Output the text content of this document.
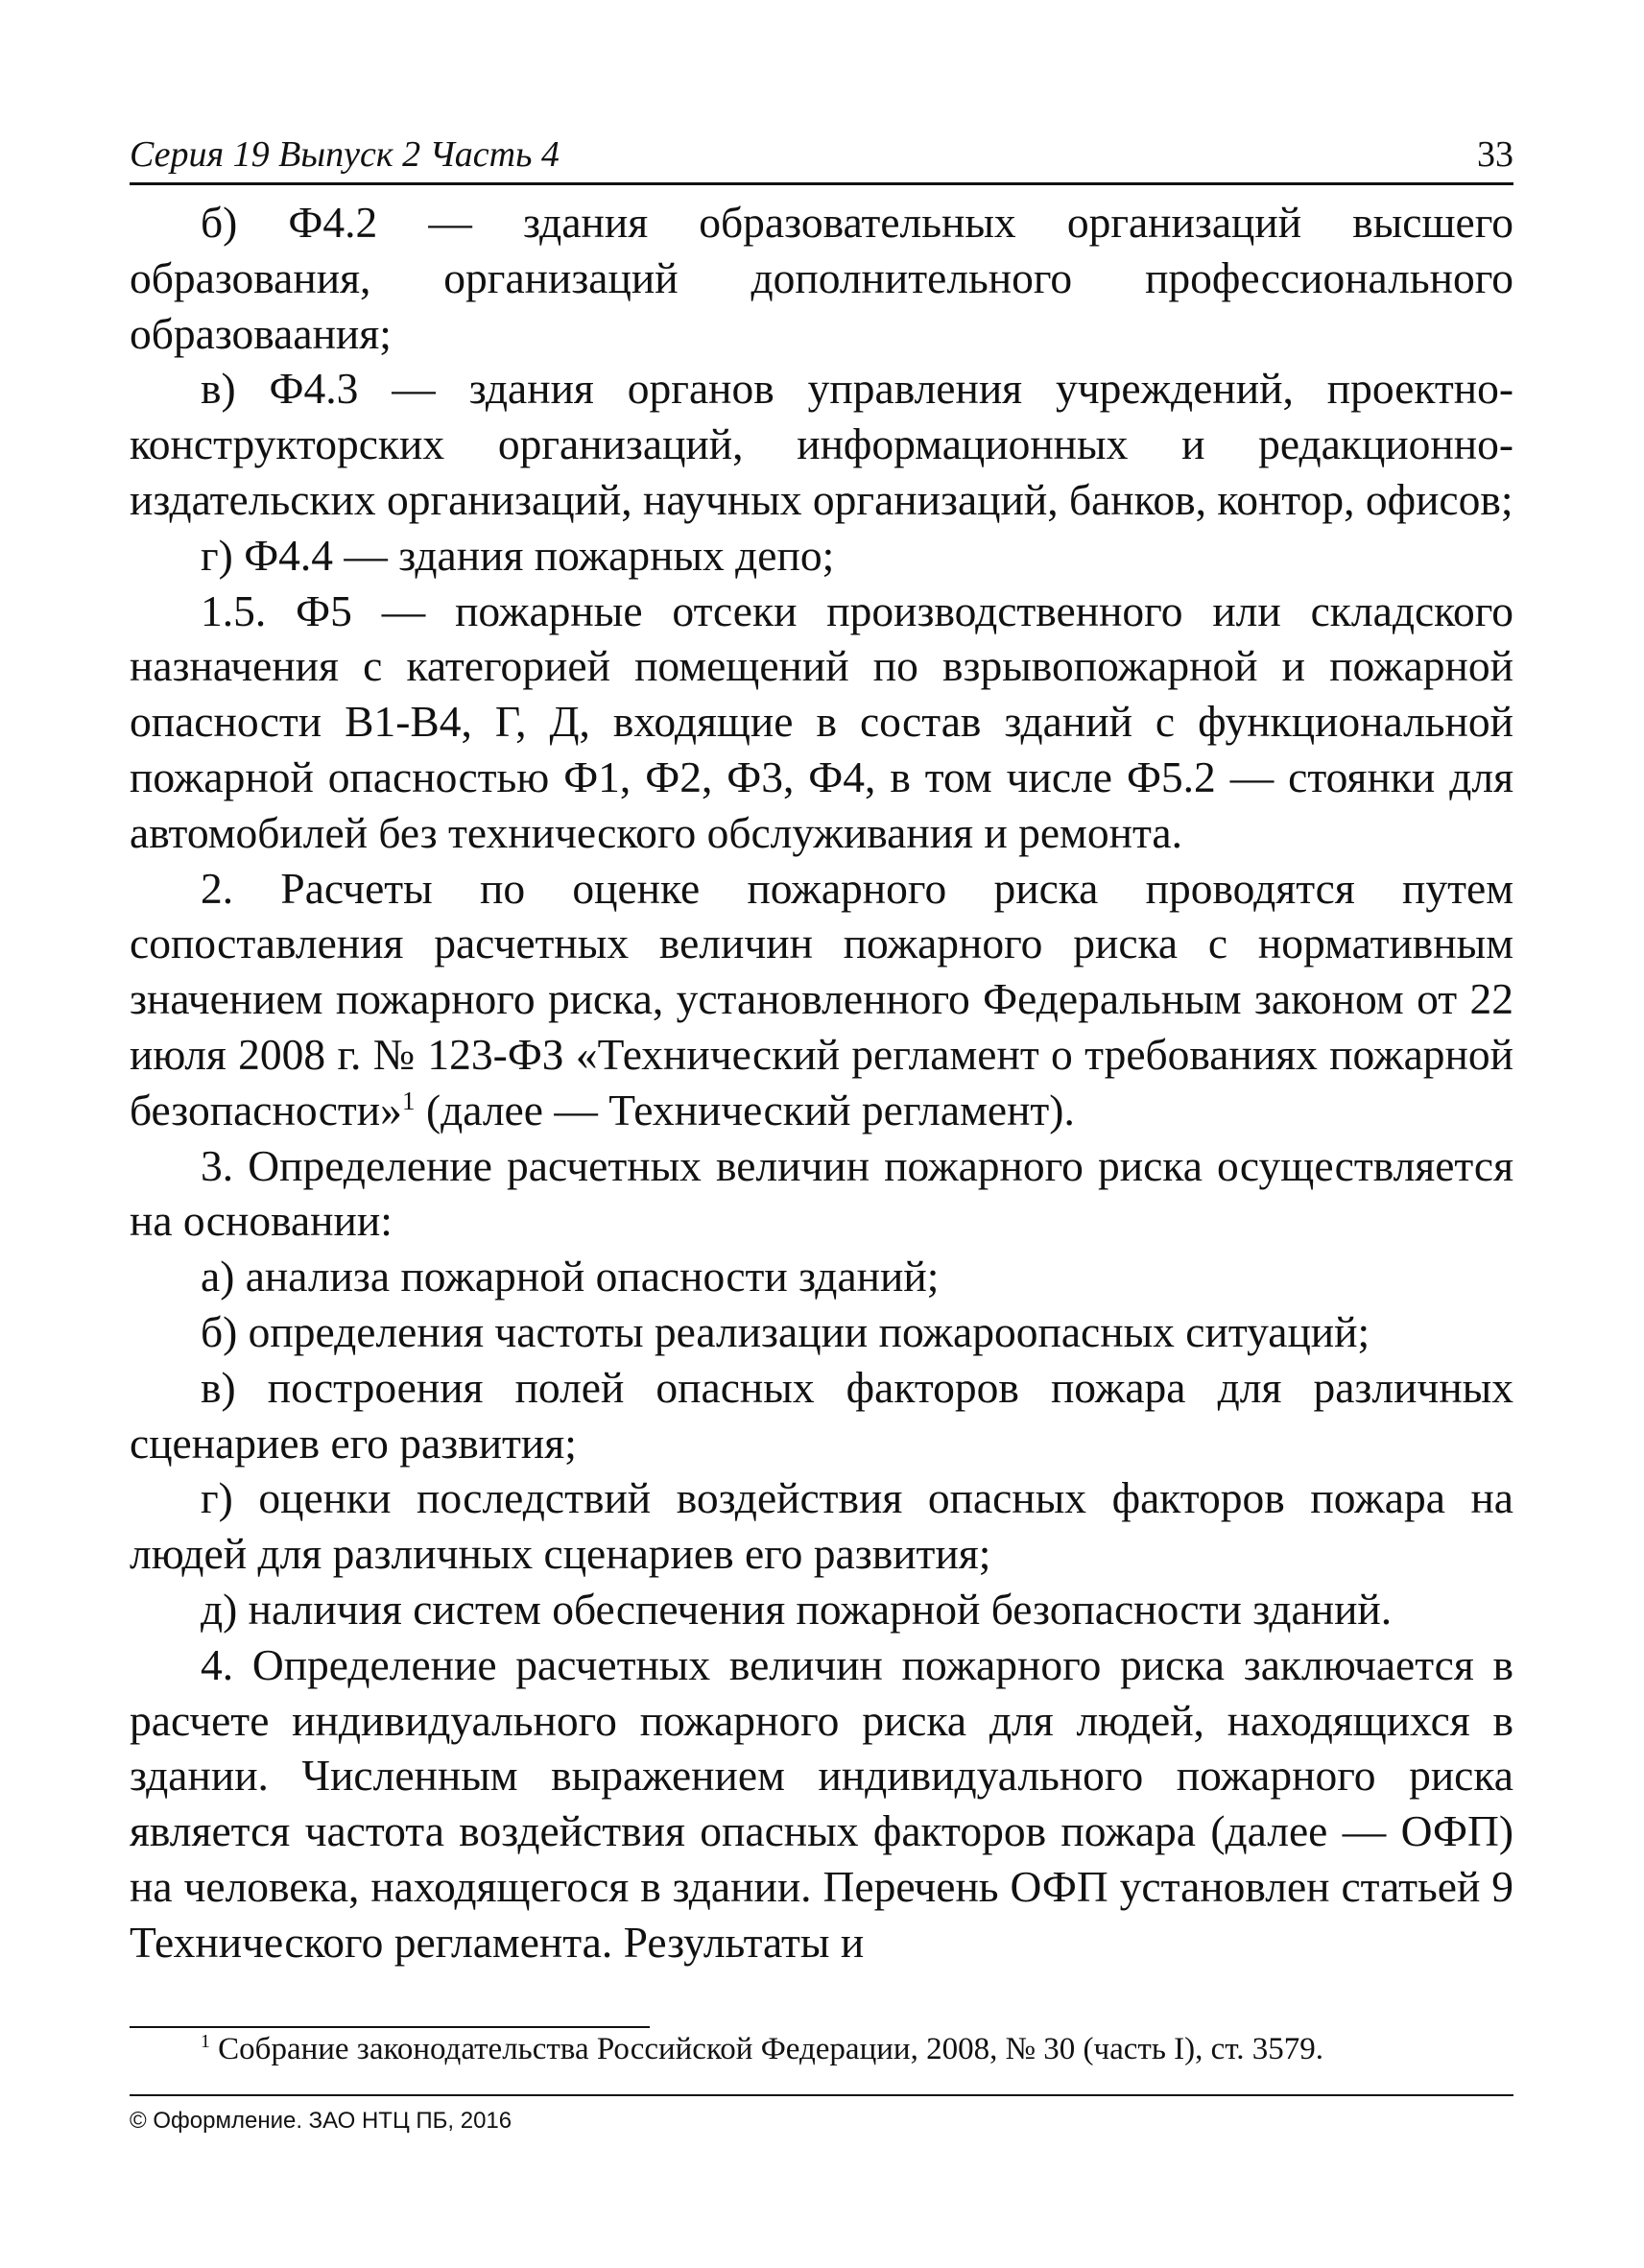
Серия 19 Выпуск 2 Часть 4	33

б) Ф4.2 — здания образовательных организаций высшего образования, организаций дополнительного профессионального образоваания;

в) Ф4.3 — здания органов управления учреждений, проектно-конструкторских организаций, информационных и редакционно-издательских организаций, научных организаций, банков, контор, офисов;

г) Ф4.4 — здания пожарных депо;

1.5. Ф5 — пожарные отсеки производственного или складского назначения с категорией помещений по взрывопожарной и пожарной опасности В1-В4, Г, Д, входящие в состав зданий с функциональной пожарной опасностью Ф1, Ф2, Ф3, Ф4, в том числе Ф5.2 — стоянки для автомобилей без технического обслуживания и ремонта.

2. Расчеты по оценке пожарного риска проводятся путем сопоставления расчетных величин пожарного риска с нормативным значением пожарного риска, установленного Федеральным законом от 22 июля 2008 г. № 123-ФЗ «Технический регламент о требованиях пожарной безопасности»$^1$ (далее — Технический регламент).

3. Определение расчетных величин пожарного риска осуществляется на основании:

а) анализа пожарной опасности зданий;

б) определения частоты реализации пожароопасных ситуаций;

в) построения полей опасных факторов пожара для различных сценариев его развития;

г) оценки последствий воздействия опасных факторов пожара на людей для различных сценариев его развития;

д) наличия систем обеспечения пожарной безопасности зданий.

4. Определение расчетных величин пожарного риска заключается в расчете индивидуального пожарного риска для людей, находящихся в здании. Численным выражением индивидуального пожарного риска является частота воздействия опасных факторов пожара (далее — ОФП) на человека, находящегося в здании. Перечень ОФП установлен статьей 9 Технического регламента. Результаты и

$^1$ Собрание законодательства Российской Федерации, 2008, № 30 (часть I), ст. 3579.
© Оформление. ЗАО НТЦ ПБ, 2016
